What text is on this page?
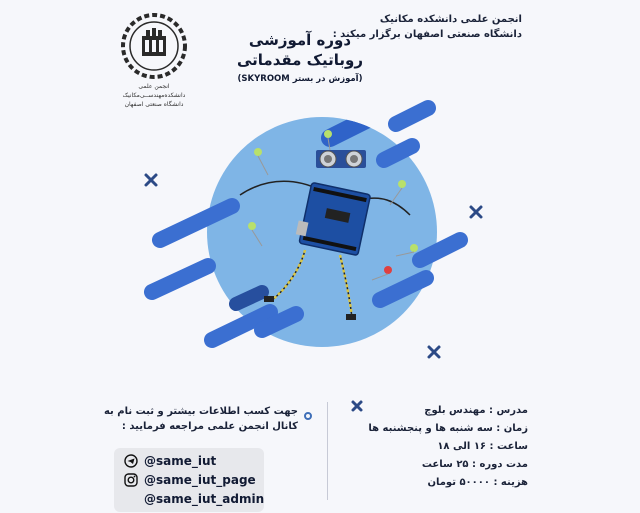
انجمن علمی
دانشکده‌مهندســی‌مکانیک
دانشگاه صنعتی اصفهان
انجمن علمی دانشکده مکانیک
دانشگاه صنعتی اصفهان برگزار میکند :
دوره آموزشی
روباتیک مقدماتی
(آموزش در بستر SKYROOM)
مدرس : مهندس بلوچ
زمان : سه شنبه ها و پنجشنبه ها
ساعت : ۱۶ الی ۱۸
مدت دوره : ۲۵ ساعت
هزینه : ۵۰۰۰۰ تومان
جهت کسب اطلاعات بیشتر و ثبت نام به
کانال انجمن علمی مراجعه فرمایید :
@same_iut
@same_iut_page
@same_iut_admin
